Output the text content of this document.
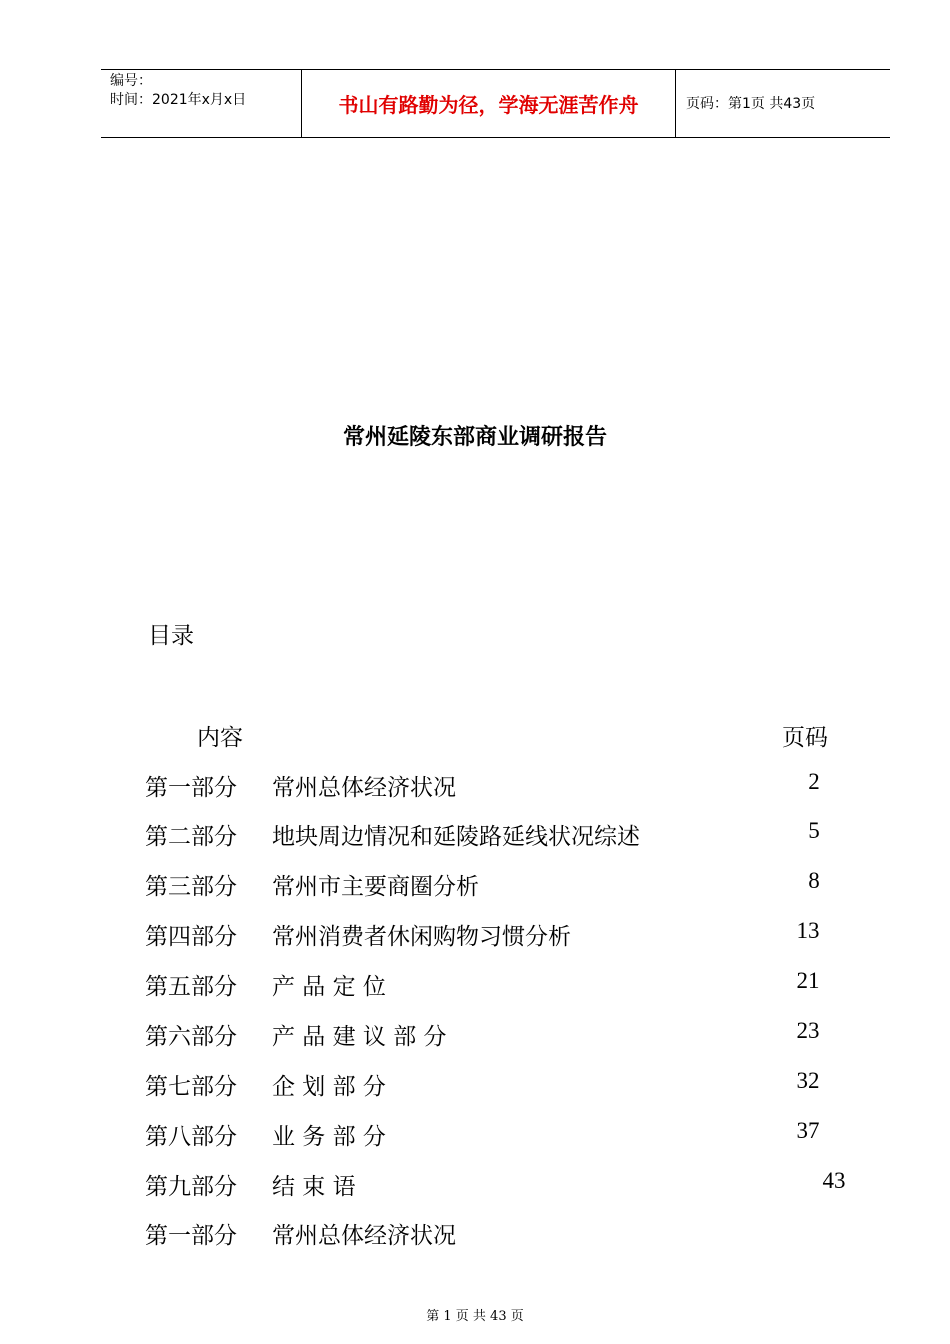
编号：
时间：2021年x月x日	书山有路勤为径，学海无涯苦作舟	页码：第1页 共43页
常州延陵东部商业调研报告
目录
内容	页码
第一部分 常州总体经济状况	2
第二部分 地块周边情况和延陵路延线状况综述	5
第三部分 常州市主要商圈分析	8
第四部分 常州消费者休闲购物习惯分析	13
第五部分 产 品 定 位	21
第六部分 产 品 建 议 部 分	23
第七部分 企 划 部 分	32
第八部分 业 务 部 分	37
第九部分 结 束 语	43
第一部分 常州总体经济状况
第 1 页 共 43 页
